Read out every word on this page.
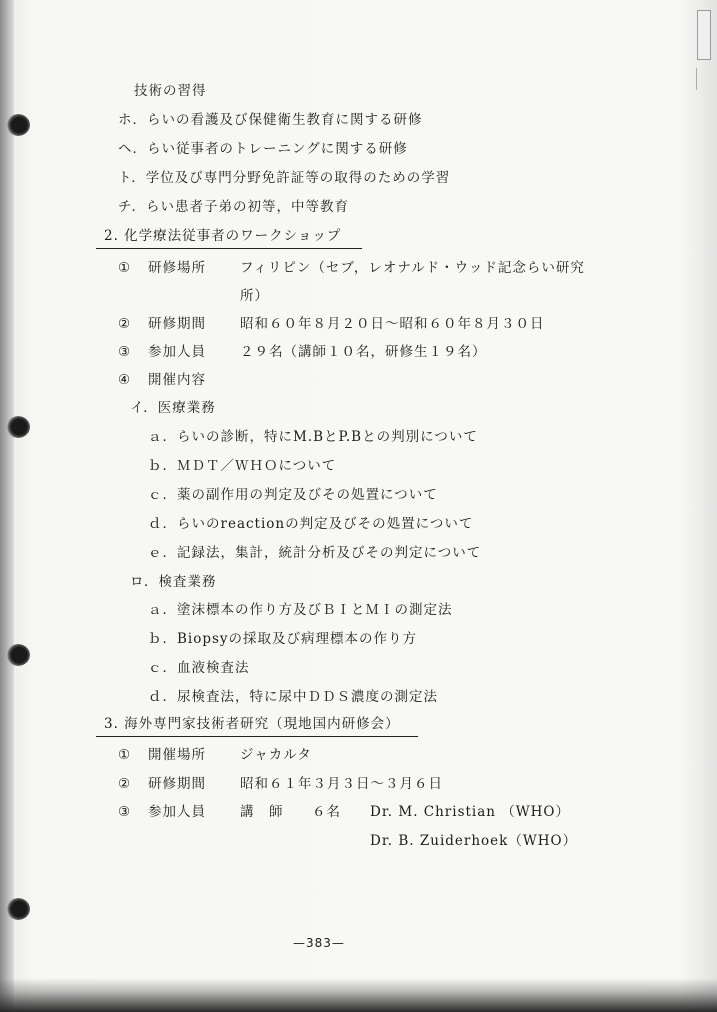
技術の習得
ホ．らいの看護及び保健衛生教育に関する研修
ヘ．らい従事者のトレーニングに関する研修
ト．学位及び専門分野免許証等の取得のための学習
チ．らい患者子弟の初等，中等教育
2. 化学療法従事者のワークショップ
① 研修場所	フィリピン（セブ，レオナルド・ウッド記念らい研究
所）
② 研修期間	昭和６０年８月２０日〜昭和６０年８月３０日
③ 参加人員	２９名（講師１０名，研修生１９名）
④ 開催内容
イ．医療業務
ａ．らいの診断，特にM.BとP.Bとの判別について
ｂ．ＭＤＴ／ＷＨＯについて
ｃ．薬の副作用の判定及びその処置について
ｄ．らいのreactionの判定及びその処置について
ｅ．記録法，集計，統計分析及びその判定について
ロ．検査業務
ａ．塗沫標本の作り方及びＢＩとＭＩの測定法
ｂ．Biopsyの採取及び病理標本の作り方
ｃ．血液検査法
ｄ．尿検査法，特に尿中ＤＤＳ濃度の測定法
3. 海外専門家技術者研究（現地国内研修会）
① 開催場所	ジャカルタ
② 研修期間	昭和６１年３月３日〜３月６日
③ 参加人員	講　師 ６名 Dr. M. Christian （WHO）
Dr. B. Zuiderhoek（WHO）
—383—
